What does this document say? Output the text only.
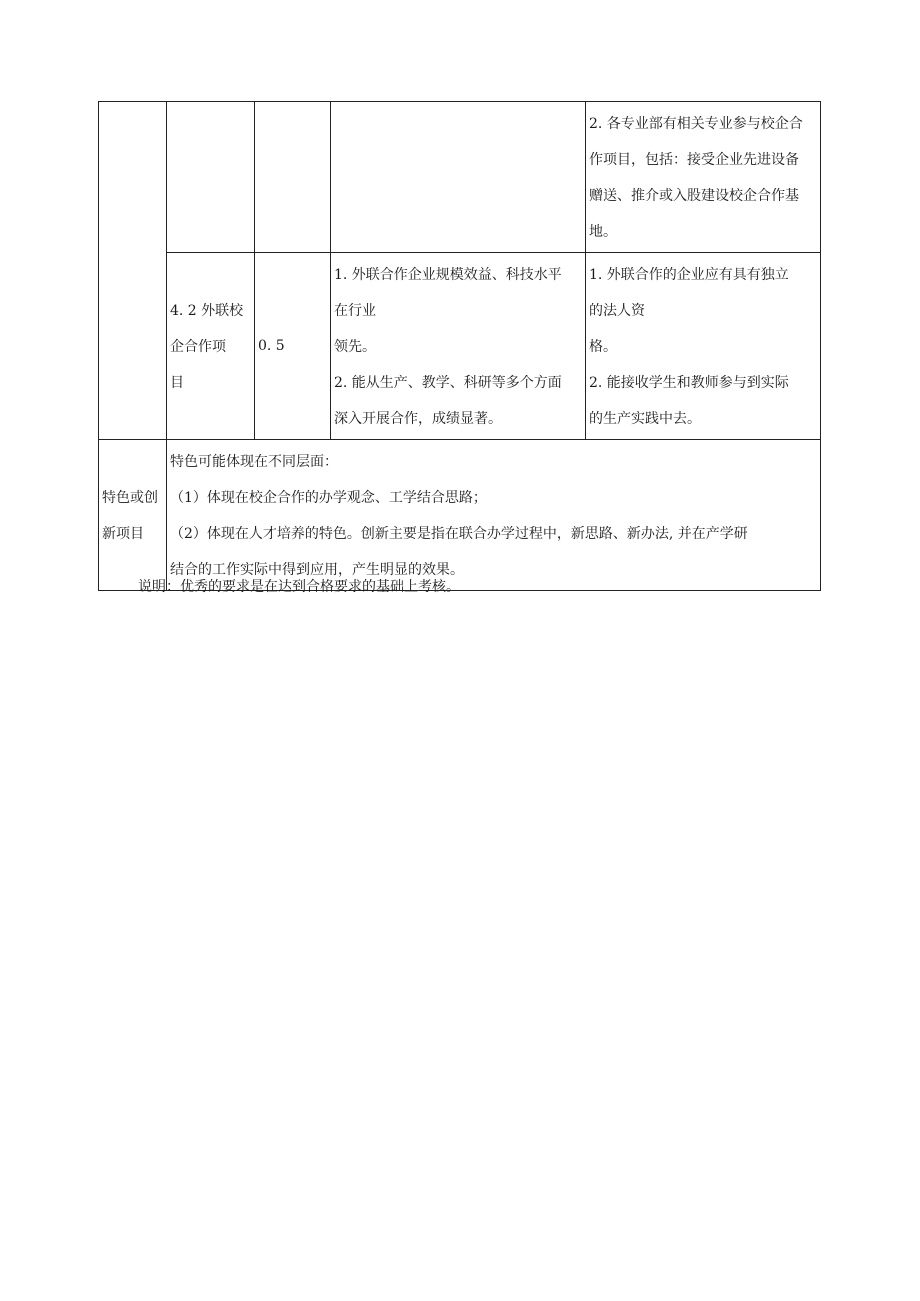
				2. 各专业部有相关专业参与校企合
作项目，包括：接受企业先进设备
赠送、推介或入股建设校企合作基
地。

	4. 2 外联校
企合作项
目	0. 5	1. 外联合作企业规模效益、科技水平
在行业
领先。
2. 能从生产、教学、科研等多个方面
深入开展合作，成绩显著。	1. 外联合作的企业应有具有独立
的法人资
格。
2. 能接收学生和教师参与到实际
的生产实践中去。

特色或创
新项目	特色可能体现在不同层面：
（1）体现在校企合作的办学观念、工学结合思路；
（2）体现在人才培养的特色。创新主要是指在联合办学过程中，新思路、新办法, 并在产学研
结合的工作实际中得到应用，产生明显的效果。			
说明：优秀的要求是在达到合格要求的基础上考核。
